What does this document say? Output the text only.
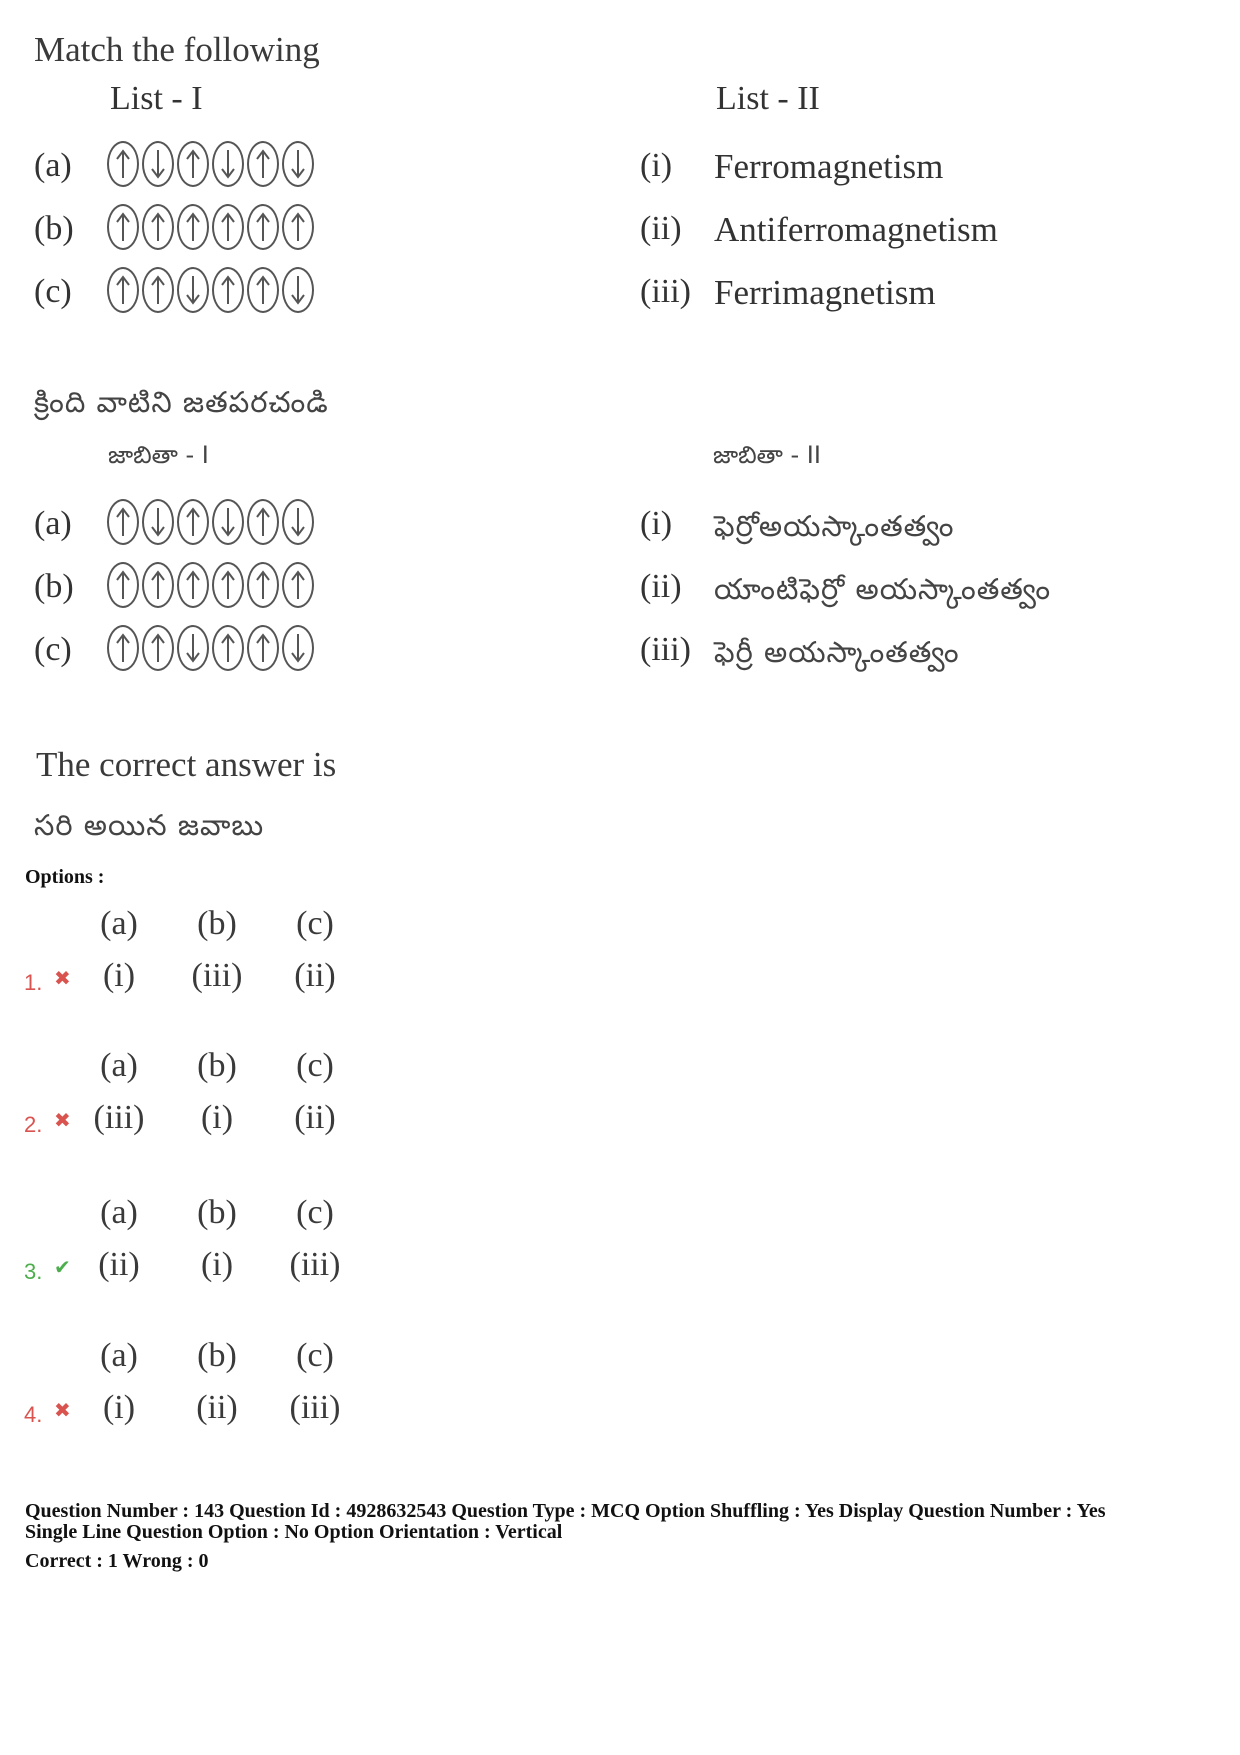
Match the following
List - I	List - II
(a)
(b)
(c)
(i) Ferromagnetism
(ii) Antiferromagnetism
(iii) Ferrimagnetism
క్రింది వాటిని జతపరచండి
జాబితా - I	జాబితా - II
(a)
(b)
(c)
(i) ఫెర్రోఅయస్కాంతత్వం
(ii) యాంటిఫెర్రో అయస్కాంతత్వం
(iii) ఫెర్రీ అయస్కాంతత్వం
The correct answer is
సరి అయిన జవాబు
Options :
(a)	(b)	(c)
(i)	(iii)	(ii)
1. ✖
(a)	(b)	(c)
(iii)	(i)	(ii)
2. ✖
(a)	(b)	(c)
(ii)	(i)	(iii)
3. ✔
(a)	(b)	(c)
(i)	(ii)	(iii)
4. ✖
Question Number : 143 Question Id : 4928632543 Question Type : MCQ Option Shuffling : Yes Display Question Number : Yes
Single Line Question Option : No Option Orientation : Vertical
Correct : 1 Wrong : 0
